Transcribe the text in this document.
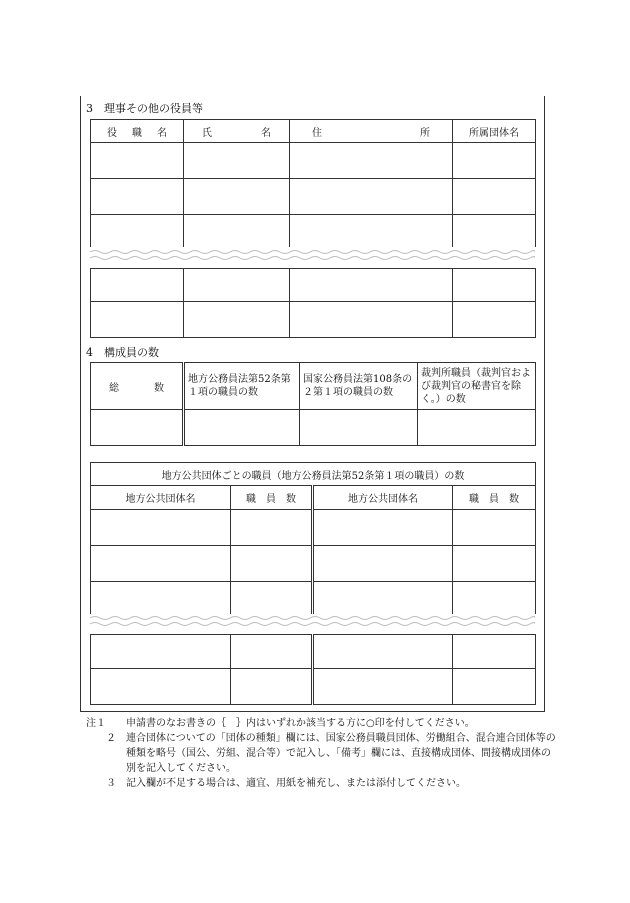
3　理事その他の役員等
役 職 名	氏 名	住 所	所属団体名

4　構成員の数
総 数	地方公務員法第52条第１項の職員の数	国家公務員法第108条の２第１項の職員の数	裁判所職員（裁判官および裁判官の秘書官を除く。）の数

地方公共団体ごとの職員（地方公務員法第52条第１項の職員）の数			
地方公共団体名	職　員　数	地方公共団体名	職　員　数

注１	申請書のなお書きの｛　｝内はいずれか該当する方に○印を付してください。
２	連合団体についての「団体の種類」欄には、国家公務員職員団体、労働組合、混合連合団体等の種類を略号（国公、労組、混合等）で記入し、「備考」欄には、直接構成団体、間接構成団体の別を記入してください。
３	記入欄が不足する場合は、適宜、用紙を補充し、または添付してください。
